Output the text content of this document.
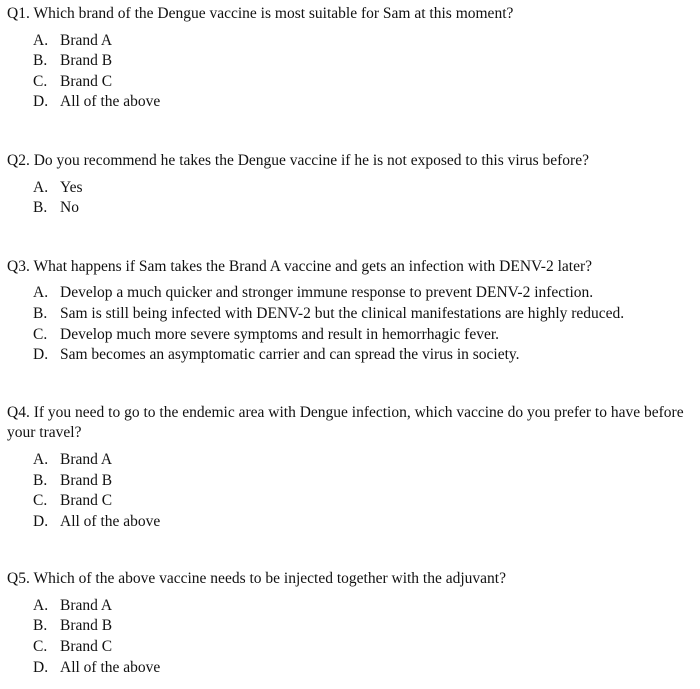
Q1. Which brand of the Dengue vaccine is most suitable for Sam at this moment?

A. Brand A
B. Brand B
C. Brand C
D. All of the above

Q2. Do you recommend he takes the Dengue vaccine if he is not exposed to this virus before?

A. Yes
B. No

Q3. What happens if Sam takes the Brand A vaccine and gets an infection with DENV-2 later?

A. Develop a much quicker and stronger immune response to prevent DENV-2 infection.
B. Sam is still being infected with DENV-2 but the clinical manifestations are highly reduced.
C. Develop much more severe symptoms and result in hemorrhagic fever.
D. Sam becomes an asymptomatic carrier and can spread the virus in society.

Q4. If you need to go to the endemic area with Dengue infection, which vaccine do you prefer to have before your travel?

A. Brand A
B. Brand B
C. Brand C
D. All of the above

Q5. Which of the above vaccine needs to be injected together with the adjuvant?

A. Brand A
B. Brand B
C. Brand C
D. All of the above
